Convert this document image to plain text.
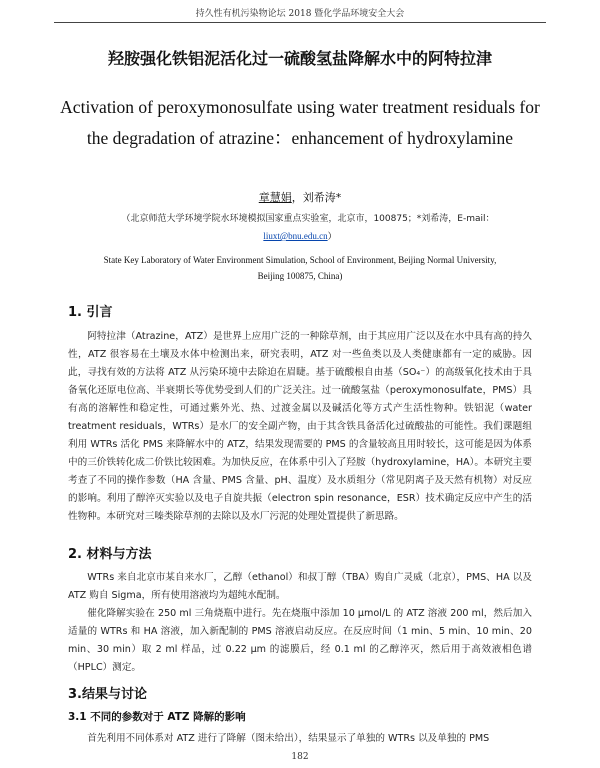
持久性有机污染物论坛 2018 暨化学品环境安全大会
羟胺强化铁铝泥活化过一硫酸氢盐降解水中的阿特拉津
Activation of peroxymonosulfate using water treatment residuals for the degradation of atrazine：enhancement of hydroxylamine
章慧娟，刘希涛*
（北京师范大学环境学院水环境模拟国家重点实验室，北京市，100875；*刘希涛，E-mail：
liuxt@bnu.edu.cn）
State Key Laboratory of Water Environment Simulation, School of Environment, Beijing Normal University, Beijing 100875, China)
1. 引言
阿特拉津（Atrazine，ATZ）是世界上应用广泛的一种除草剂，由于其应用广泛以及在水中具有高的持久性，ATZ 很容易在土壤及水体中检测出来，研究表明，ATZ 对一些鱼类以及人类健康都有一定的威胁。因此，寻找有效的方法将 ATZ 从污染环境中去除迫在眉睫。基于硫酸根自由基（SO₄⁻）的高级氧化技术由于具备氧化还原电位高、半衰期长等优势受到人们的广泛关注。过一硫酸氢盐（peroxymonosulfate，PMS）具有高的溶解性和稳定性，可通过紫外光、热、过渡金属以及碱活化等方式产生活性物种。铁铝泥（water treatment residuals，WTRs）是水厂的安全副产物，由于其含铁具备活化过硫酸盐的可能性。我们课题组利用 WTRs 活化 PMS 来降解水中的 ATZ，结果发现需要的 PMS 的含量较高且用时较长，这可能是因为体系中的三价铁转化成二价铁比较困难。为加快反应，在体系中引入了羟胺（hydroxylamine，HA）。本研究主要考查了不同的操作参数（HA 含量、PMS 含量、pH、温度）及水质组分（常见阴离子及天然有机物）对反应的影响。利用了醇淬灭实验以及电子自旋共振（electron spin resonance，ESR）技术确定反应中产生的活性物种。本研究对三嗪类除草剂的去除以及水厂污泥的处理处置提供了新思路。
2. 材料与方法
WTRs 来自北京市某自来水厂，乙醇（ethanol）和叔丁醇（TBA）购自广灵威（北京），PMS、HA 以及 ATZ 购自 Sigma，所有使用溶液均为超纯水配制。
催化降解实验在 250 ml 三角烧瓶中进行。先在烧瓶中添加 10 μmol/L 的 ATZ 溶液 200 ml，然后加入适量的 WTRs 和 HA 溶液，加入新配制的 PMS 溶液启动反应。在反应时间（1 min、5 min、10 min、20 min、30 min）取 2 ml 样品，过 0.22 μm 的滤膜后，经 0.1 ml 的乙醇淬灭，然后用于高效液相色谱（HPLC）测定。
3.结果与讨论
3.1 不同的参数对于 ATZ 降解的影响
首先利用不同体系对 ATZ 进行了降解（图未给出），结果显示了单独的 WTRs 以及单独的 PMS
182
